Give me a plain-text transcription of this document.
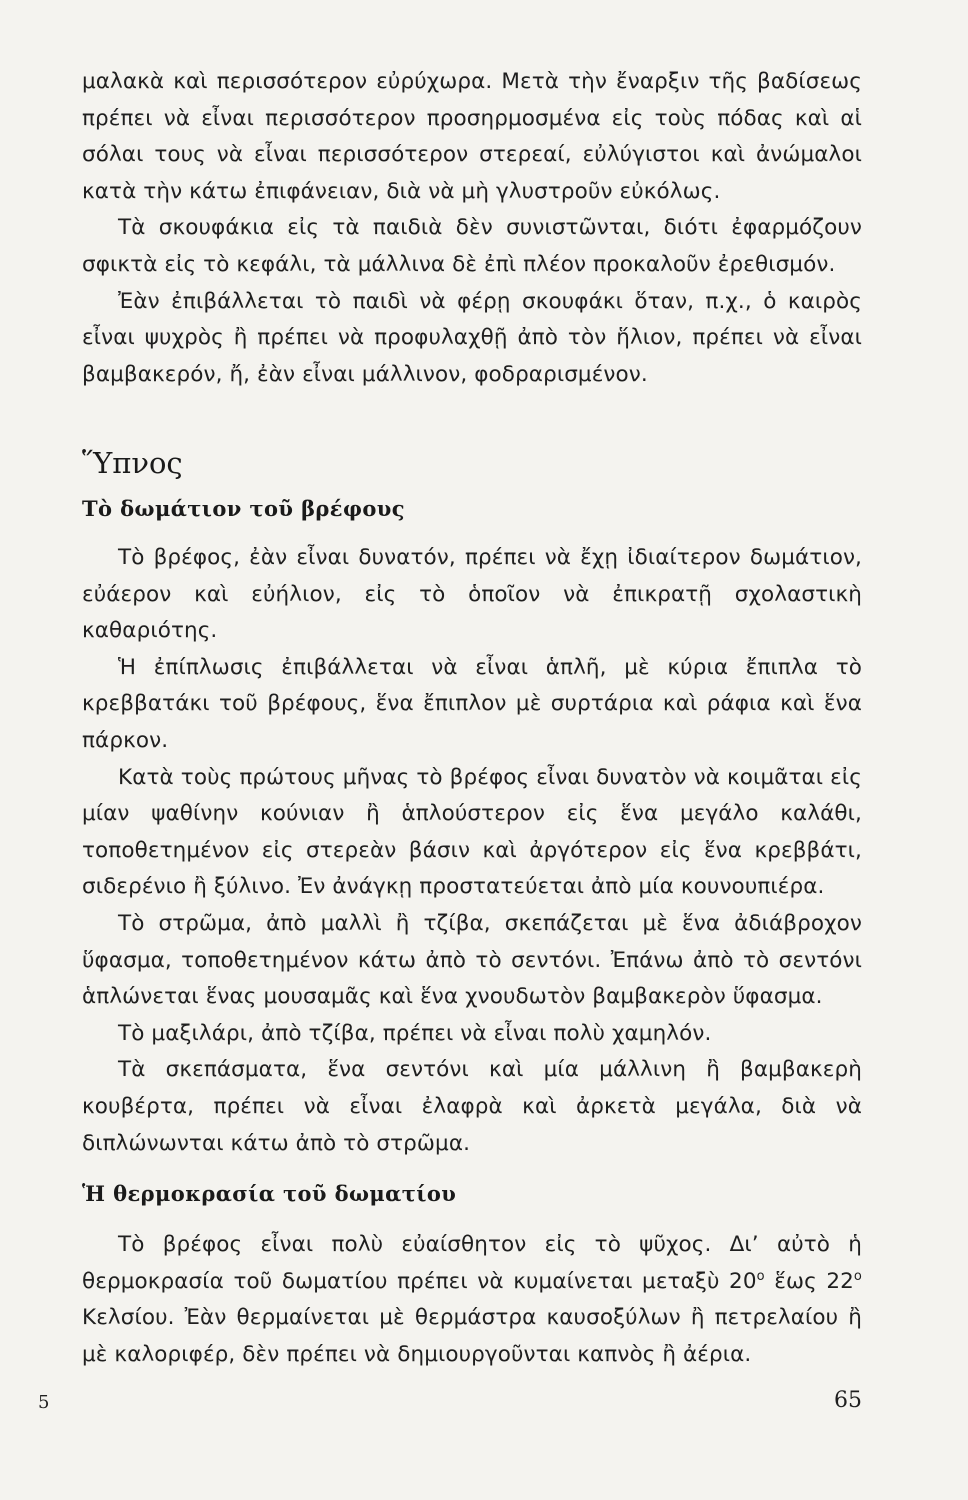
μαλακὰ καὶ περισσότερον εὐρύχωρα. Μετὰ τὴν ἔναρξιν τῆς βαδίσεως πρέπει νὰ εἶναι περισσότερον προσηρμοσμένα εἰς τοὺς πόδας καὶ αἱ σόλαι τους νὰ εἶναι περισσότερον στερεαί, εὐλύγιστοι καὶ ἀνώμαλοι κατὰ τὴν κάτω ἐπιφάνειαν, διὰ νὰ μὴ γλυστροῦν εὐκόλως.

Τὰ σκουφάκια εἰς τὰ παιδιὰ δὲν συνιστῶνται, διότι ἐφαρμόζουν σφικτὰ εἰς τὸ κεφάλι, τὰ μάλλινα δὲ ἐπὶ πλέον προκαλοῦν ἐρεθισμόν.

Ἐὰν ἐπιβάλλεται τὸ παιδὶ νὰ φέρῃ σκουφάκι ὅταν, π.χ., ὁ καιρὸς εἶναι ψυχρὸς ἢ πρέπει νὰ προφυλαχθῇ ἀπὸ τὸν ἥλιον, πρέπει νὰ εἶναι βαμβακερόν, ἤ, ἐὰν εἶναι μάλλινον, φοδραρισμένον.

Ὕπνος
Τὸ δωμάτιον τοῦ βρέφους

Τὸ βρέφος, ἐὰν εἶναι δυνατόν, πρέπει νὰ ἔχῃ ἰδιαίτερον δωμάτιον, εὐάερον καὶ εὐήλιον, εἰς τὸ ὁποῖον νὰ ἐπικρατῇ σχολαστικὴ καθαριότης.

Ἡ ἐπίπλωσις ἐπιβάλλεται νὰ εἶναι ἁπλῆ, μὲ κύρια ἔπιπλα τὸ κρεββατάκι τοῦ βρέφους, ἕνα ἔπιπλον μὲ συρτάρια καὶ ράφια καὶ ἕνα πάρκον.

Κατὰ τοὺς πρώτους μῆνας τὸ βρέφος εἶναι δυνατὸν νὰ κοιμᾶται εἰς μίαν ψαθίνην κούνιαν ἢ ἁπλούστερον εἰς ἕνα μεγάλο καλάθι, τοποθετημένον εἰς στερεὰν βάσιν καὶ ἀργότερον εἰς ἕνα κρεββάτι, σιδερένιο ἢ ξύλινο. Ἐν ἀνάγκῃ προστατεύεται ἀπὸ μία κουνουπιέρα.

Τὸ στρῶμα, ἀπὸ μαλλὶ ἢ τζίβα, σκεπάζεται μὲ ἕνα ἀδιάβροχον ὕφασμα, τοποθετημένον κάτω ἀπὸ τὸ σεντόνι. Ἐπάνω ἀπὸ τὸ σεντόνι ἁπλώνεται ἕνας μουσαμᾶς καὶ ἕνα χνουδωτὸν βαμβακερὸν ὕφασμα.

Τὸ μαξιλάρι, ἀπὸ τζίβα, πρέπει νὰ εἶναι πολὺ χαμηλόν.

Τὰ σκεπάσματα, ἕνα σεντόνι καὶ μία μάλλινη ἢ βαμβακερὴ κουβέρτα, πρέπει νὰ εἶναι ἐλαφρὰ καὶ ἀρκετὰ μεγάλα, διὰ νὰ διπλώνωνται κάτω ἀπὸ τὸ στρῶμα.

Ἡ θερμοκρασία τοῦ δωματίου

Τὸ βρέφος εἶναι πολὺ εὐαίσθητον εἰς τὸ ψῦχος. Δι’ αὐτὸ ἡ θερμοκρασία τοῦ δωματίου πρέπει νὰ κυμαίνεται μεταξὺ $20^o$ ἕως $22^o$ Κελσίου. Ἐὰν θερμαίνεται μὲ θερμάστρα καυσοξύλων ἢ πετρελαίου ἢ μὲ καλοριφέρ, δὲν πρέπει νὰ δημιουργοῦνται καπνὸς ἢ ἀέρια.

5	65
